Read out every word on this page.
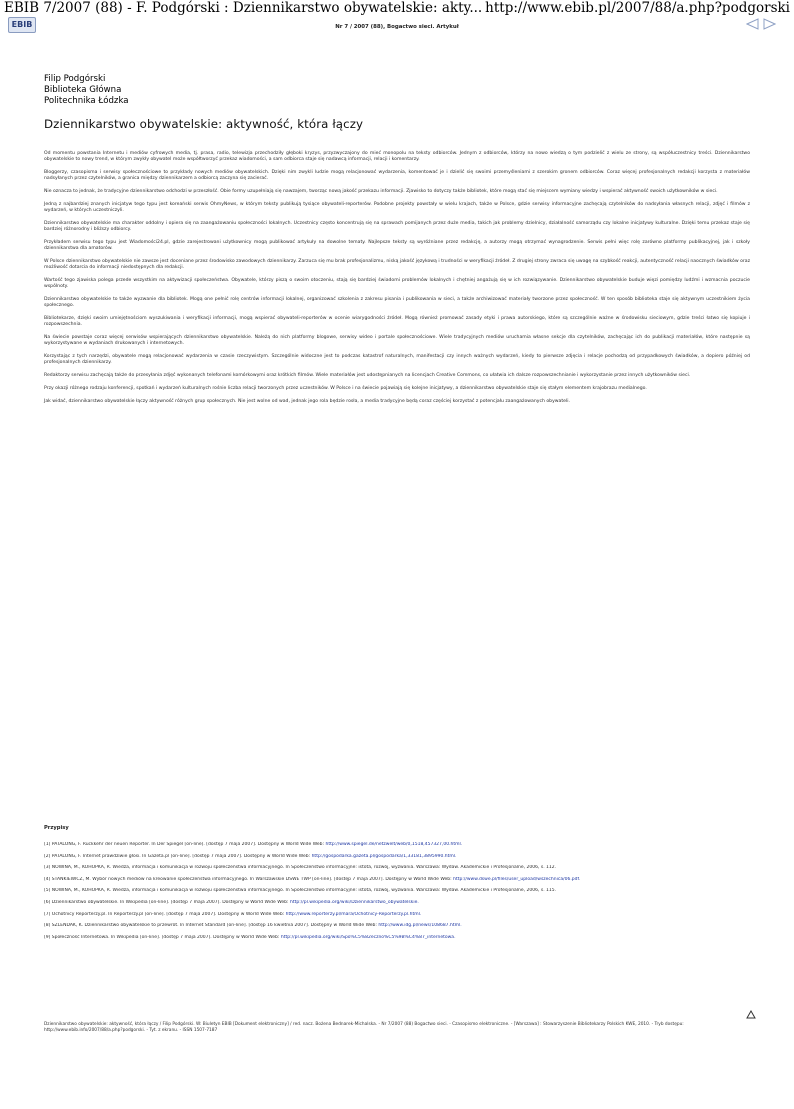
EBIB 7/2007 (88) - F. Podgórski : Dziennikarstwo obywatelskie: akty... http://www.ebib.pl/2007/88/a.php?podgorski
EBIB	Nr 7 / 2007 (88), Bogactwo sieci. Artykuł
Filip Podgórski
Biblioteka Główna
Politechnika Łódzka
Dziennikarstwo obywatelskie: aktywność, która łączy

Od momentu powstania Internetu i mediów cyfrowych media, tj. prasa, radio, telewizja przechodziły głęboki kryzys, przyzwyczajony do mieć monopolu na teksty odbiorców. Jednym z odbiorców, którzy na nowo wiedzą o tym podzielić z wielu ze strony, są współuczestnicy treści. Dziennikarstwo obywatelskie to nowy trend, w którym zwykły obywatel może współtworzyć przekaz wiadomości, a sam odbiorca staje się nadawcą informacji, relacji i komentarzy.

Bloggerzy, czasopisma i serwisy społecznościowe to przykłady nowych mediów obywatelskich. Dzięki nim zwykli ludzie mogą relacjonować wydarzenia, komentować je i dzielić się swoimi przemyśleniami z szerokim gronem odbiorców. Coraz więcej profesjonalnych redakcji korzysta z materiałów nadsyłanych przez czytelników, a granica między dziennikarzem a odbiorcą zaczyna się zacierać.

Nie oznacza to jednak, że tradycyjne dziennikarstwo odchodzi w przeszłość. Obie formy uzupełniają się nawzajem, tworząc nową jakość przekazu informacji. Zjawisko to dotyczy także bibliotek, które mogą stać się miejscem wymiany wiedzy i wspierać aktywność swoich użytkowników w sieci.

Jedną z najbardziej znanych inicjatyw tego typu jest koreański serwis OhmyNews, w którym teksty publikują tysiące obywateli-reporterów. Podobne projekty powstały w wielu krajach, także w Polsce, gdzie serwisy informacyjne zachęcają czytelników do nadsyłania własnych relacji, zdjęć i filmów z wydarzeń, w których uczestniczyli.

Dziennikarstwo obywatelskie ma charakter oddolny i opiera się na zaangażowaniu społeczności lokalnych. Uczestnicy często koncentrują się na sprawach pomijanych przez duże media, takich jak problemy dzielnicy, działalność samorządu czy lokalne inicjatywy kulturalne. Dzięki temu przekaz staje się bardziej różnorodny i bliższy odbiorcy.

Przykładem serwisu tego typu jest Wiadomości24.pl, gdzie zarejestrowani użytkownicy mogą publikować artykuły na dowolne tematy. Najlepsze teksty są wyróżniane przez redakcję, a autorzy mogą otrzymać wynagrodzenie. Serwis pełni więc rolę zarówno platformy publikacyjnej, jak i szkoły dziennikarstwa dla amatorów.

W Polsce dziennikarstwo obywatelskie nie zawsze jest doceniane przez środowisko zawodowych dziennikarzy. Zarzuca się mu brak profesjonalizmu, niską jakość językową i trudności w weryfikacji źródeł. Z drugiej strony zwraca się uwagę na szybkość reakcji, autentyczność relacji naocznych świadków oraz możliwość dotarcia do informacji niedostępnych dla redakcji.

Wartość tego zjawiska polega przede wszystkim na aktywizacji społeczeństwa. Obywatele, którzy piszą o swoim otoczeniu, stają się bardziej świadomi problemów lokalnych i chętniej angażują się w ich rozwiązywanie. Dziennikarstwo obywatelskie buduje więzi pomiędzy ludźmi i wzmacnia poczucie wspólnoty.

Dziennikarstwo obywatelskie to także wyzwanie dla bibliotek. Mogą one pełnić rolę centrów informacji lokalnej, organizować szkolenia z zakresu pisania i publikowania w sieci, a także archiwizować materiały tworzone przez społeczność. W ten sposób biblioteka staje się aktywnym uczestnikiem życia społecznego.

Bibliotekarze, dzięki swoim umiejętnościom wyszukiwania i weryfikacji informacji, mogą wspierać obywateli-reporterów w ocenie wiarygodności źródeł. Mogą również promować zasady etyki i prawa autorskiego, które są szczególnie ważne w środowisku sieciowym, gdzie treści łatwo się kopiuje i rozpowszechnia.

Na świecie powstaje coraz więcej serwisów wspierających dziennikarstwo obywatelskie. Należą do nich platformy blogowe, serwisy wideo i portale społecznościowe. Wiele tradycyjnych mediów uruchamia własne sekcje dla czytelników, zachęcając ich do publikacji materiałów, które następnie są wykorzystywane w wydaniach drukowanych i internetowych.

Korzystając z tych narzędzi, obywatele mogą relacjonować wydarzenia w czasie rzeczywistym. Szczególnie widoczne jest to podczas katastrof naturalnych, manifestacji czy innych ważnych wydarzeń, kiedy to pierwsze zdjęcia i relacje pochodzą od przypadkowych świadków, a dopiero później od profesjonalnych dziennikarzy.

Redaktorzy serwisu zachęcają także do przesyłania zdjęć wykonanych telefonami komórkowymi oraz krótkich filmów. Wiele materiałów jest udostępnianych na licencjach Creative Commons, co ułatwia ich dalsze rozpowszechnianie i wykorzystanie przez innych użytkowników sieci.

Przy okazji różnego rodzaju konferencji, spotkań i wydarzeń kulturalnych rośnie liczba relacji tworzonych przez uczestników. W Polsce i na świecie pojawiają się kolejne inicjatywy, a dziennikarstwo obywatelskie staje się stałym elementem krajobrazu medialnego.

Jak widać, dziennikarstwo obywatelskie łączy aktywność różnych grup społecznych. Nie jest wolne od wad, jednak jego rola będzie rosła, a media tradycyjne będą coraz częściej korzystać z potencjału zaangażowanych obywateli.

Przypisy
[1] PATALONG, F. Rückkehr der neuen Reporter. In Der Spiegel [on-line]. [dostęp 7 maja 2007]. Dostępny w World Wide Web: http://www.spiegel.de/netzwelt/web/0,1518,457327,00.html.
[2] PATALONG, F. Internet prawdziwie głosi. In Gazeta.pl [on-line]. [dostęp 7 maja 2007]. Dostępny w World Wide Web: http://gospodarka.gazeta.pl/gospodarka/1,33181,3895990.html.
[3] NOWINA, M., KOHOPKA, R. Wiedza, informacja i komunikacja w rozwoju społeczeństwa informacyjnego. In Społeczeństwo informacyjne: istota, rozwój, wyzwania. Warszawa: Wydaw. Akademickie i Profesjonalne, 2006, s. 112.
[4] STANKIEWICZ, M. Wybór nowych mediów na kreowanie społeczeństwa informacyjnego. In Warszawskie DSWE TWP [on-line]. [dostęp 7 maja 2007]. Dostępny w World Wide Web: http://www.dswe.pl/files/user_upload/wszechnica/06.pdf.
[5] NOWINA, M., KOHOPKA, R. Wiedza, informacja i komunikacja w rozwoju społeczeństwa informacyjnego. In Społeczeństwo informacyjne: istota, rozwój, wyzwania. Warszawa: Wydaw. Akademickie i Profesjonalne, 2006, s. 115.
[6] Dziennikarstwo obywatelskie. In Wikipedia [on-line]. [dostęp 7 maja 2007]. Dostępny w World Wide Web: http://pl.wikipedia.org/wiki/Dziennikarstwo_obywatelskie.
[7] Ochotnicy Reporterzy.pl. In Reporterzy.pl [on-line]. [dostęp 7 maja 2007]. Dostępny w World Wide Web: http://www.reporterzy.pl/mara/Ochotnicy-Reporterzy.pl.html.
[8] SZLENDAK, K. Dziennikarstwo obywatelskie to przewrót. In Internet Standard [on-line]. [dostęp 16 kwietnia 2007]. Dostępny w World Wide Web: http://www.idg.pl/news/108687.html.
[9] Społeczność Internetowa. In Wikipedia [on-line]. [dostęp 7 maja 2007]. Dostępny w World Wide Web: http://pl.wikipedia.org/wiki/Spo%C5%82eczno%C5%9B%C4%87_internetowa.
Dziennikarstwo obywatelskie: aktywność, która łączy / Filip Podgórski. W: Biuletyn EBIB [Dokument elektroniczny] / red. nacz. Bożena Bednarek-Michalska. - Nr 7/2007 (88) Bogactwo sieci. - Czasopismo elektroniczne. - [Warszawa] : Stowarzyszenie Bibliotekarzy Polskich KWE, 2010. - Tryb dostępu: http://www.ebib.info/2007/88/a.php?podgorski. - Tyt. z ekranu. - ISSN 1507-7187
